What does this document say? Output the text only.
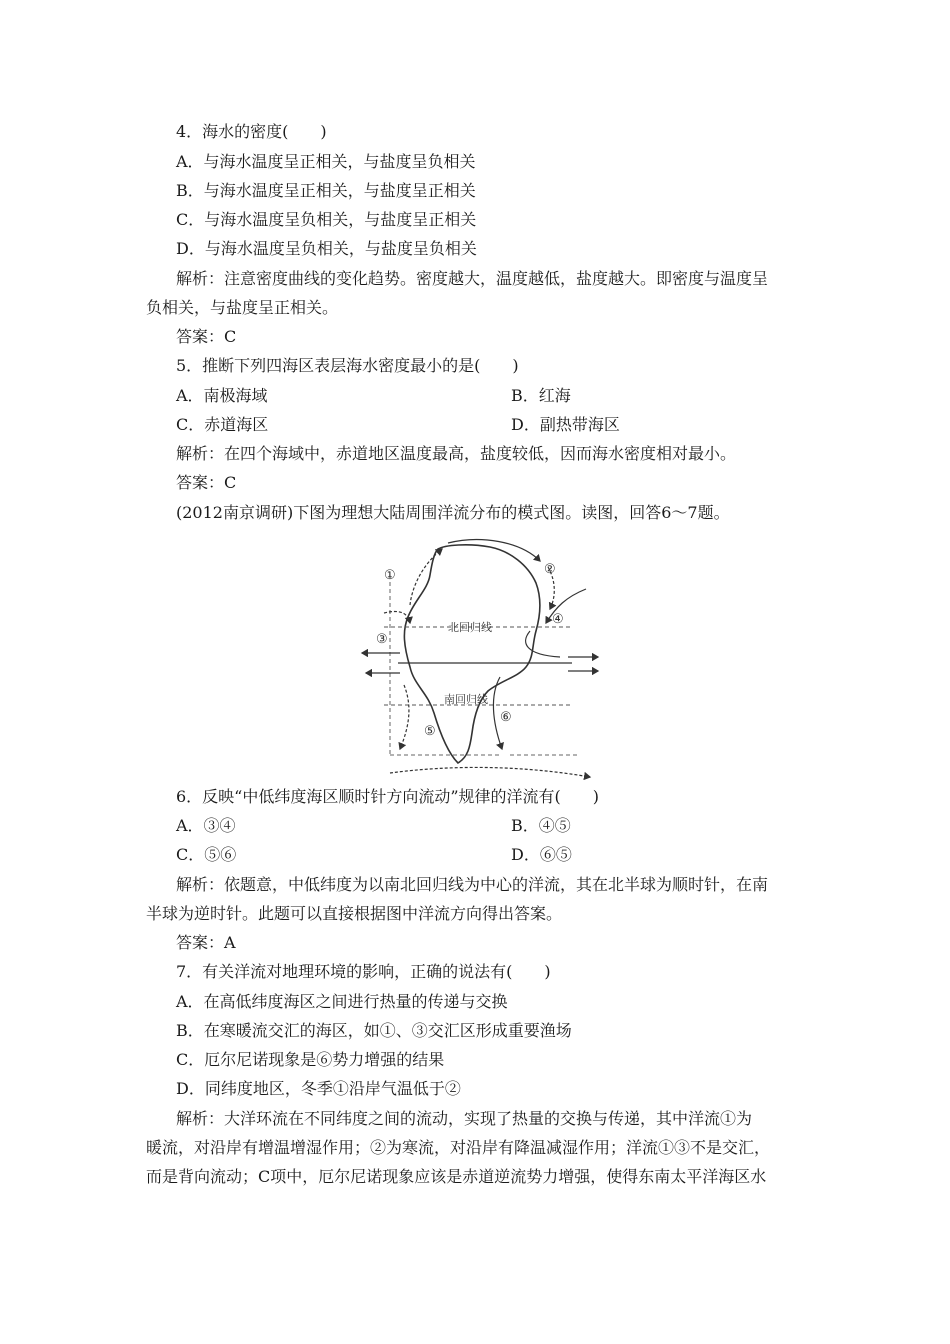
4．海水的密度(　　)
A．与海水温度呈正相关，与盐度呈负相关
B．与海水温度呈正相关，与盐度呈正相关
C．与海水温度呈负相关，与盐度呈正相关
D．与海水温度呈负相关，与盐度呈负相关
解析：注意密度曲线的变化趋势。密度越大，温度越低，盐度越大。即密度与温度呈
负相关，与盐度呈正相关。
答案：C
5．推断下列四海区表层海水密度最小的是(　　)
A．南极海域	B．红海
C．赤道海区	D．副热带海区
解析：在四个海域中，赤道地区温度最高，盐度较低，因而海水密度相对最小。
答案：C
(2012南京调研)下图为理想大陆周围洋流分布的模式图。读图，回答6～7题。
北回归线
南回归线
①	②
③
④
⑤
⑥
6．反映“中低纬度海区顺时针方向流动”规律的洋流有(　　)
A．③④	B．④⑤
C．⑤⑥	D．⑥⑤
解析：依题意，中低纬度为以南北回归线为中心的洋流，其在北半球为顺时针，在南
半球为逆时针。此题可以直接根据图中洋流方向得出答案。
答案：A
7．有关洋流对地理环境的影响，正确的说法有(　　)
A．在高低纬度海区之间进行热量的传递与交换
B．在寒暖流交汇的海区，如①、③交汇区形成重要渔场
C．厄尔尼诺现象是⑥势力增强的结果
D．同纬度地区，冬季①沿岸气温低于②
解析：大洋环流在不同纬度之间的流动，实现了热量的交换与传递，其中洋流①为
暖流，对沿岸有增温增湿作用；②为寒流，对沿岸有降温减湿作用；洋流①③不是交汇，
而是背向流动；C项中，厄尔尼诺现象应该是赤道逆流势力增强，使得东南太平洋海区水
